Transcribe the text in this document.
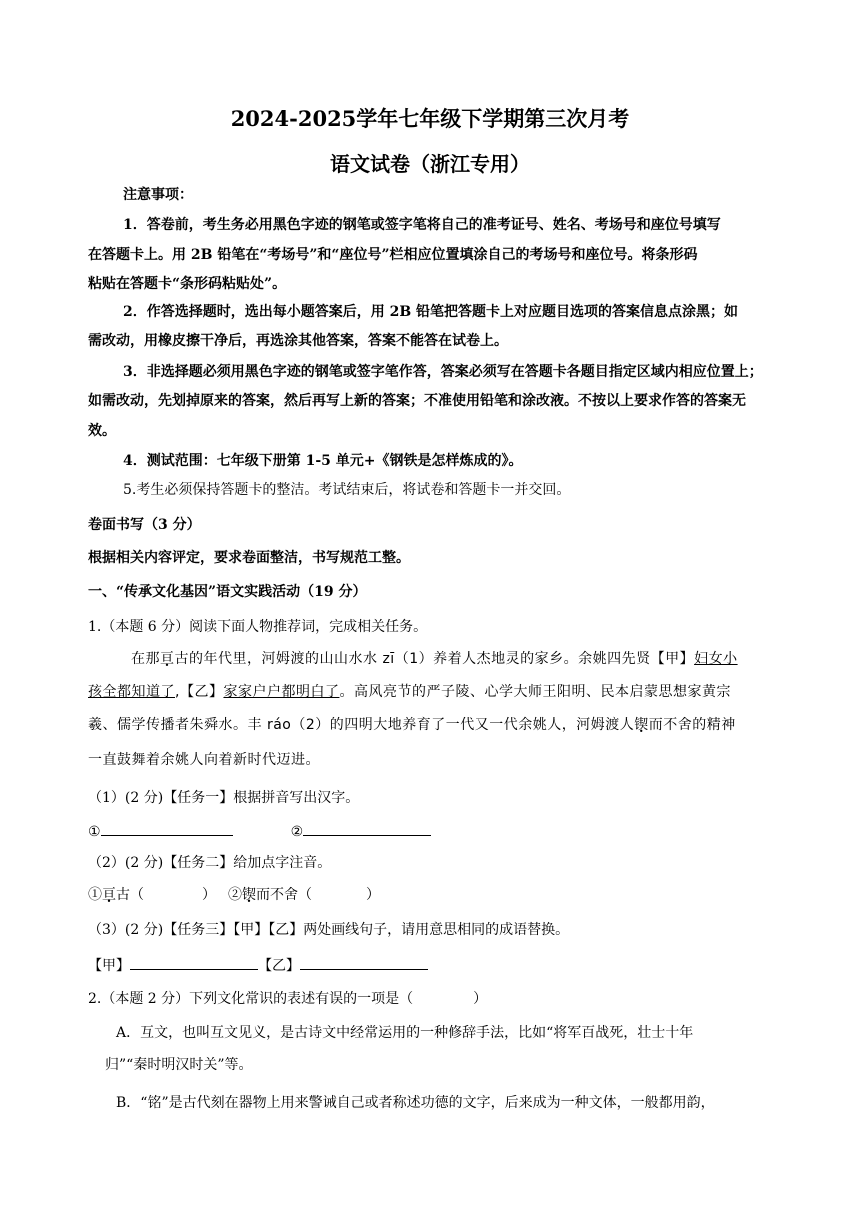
2024-2025学年七年级下学期第三次月考
语文试卷（浙江专用）
注意事项：
1．答卷前，考生务必用黑色字迹的钢笔或签字笔将自己的准考证号、姓名、考场号和座位号填写
在答题卡上。用 2B 铅笔在“考场号”和“座位号”栏相应位置填涂自己的考场号和座位号。将条形码
粘贴在答题卡“条形码粘贴处”。
2．作答选择题时，选出每小题答案后，用 2B 铅笔把答题卡上对应题目选项的答案信息点涂黑；如
需改动，用橡皮擦干净后，再选涂其他答案，答案不能答在试卷上。
3．非选择题必须用黑色字迹的钢笔或签字笔作答，答案必须写在答题卡各题目指定区域内相应位置上；
如需改动，先划掉原来的答案，然后再写上新的答案；不准使用铅笔和涂改液。不按以上要求作答的答案无
效。
4．测试范围：七年级下册第 1-5 单元+《钢铁是怎样炼成的》。
5.考生必须保持答题卡的整洁。考试结束后，将试卷和答题卡一并交回。
卷面书写（3 分）
根据相关内容评定，要求卷面整洁，书写规范工整。
一、“传承文化基因”语文实践活动（19 分）
1.（本题 6 分）阅读下面人物推荐词，完成相关任务。
在那亘古的年代里，河姆渡的山山水水 zī（1）养着人杰地灵的家乡。余姚四先贤【甲】妇女小
孩全都知道了,【乙】家家户户都明白了。高风亮节的严子陵、心学大师王阳明、民本启蒙思想家黄宗
羲、儒学传播者朱舜水。丰 ráo（2）的四明大地养育了一代又一代余姚人，河姆渡人锲而不舍的精神
一直鼓舞着余姚人向着新时代迈进。
（1）(2 分)【任务一】根据拼音写出汉字。
①	②
（2）(2 分)【任务二】给加点字注音。
①亘古（	） ②锲而不舍（	）
（3）(2 分)【任务三】【甲】【乙】两处画线句子，请用意思相同的成语替换。
【甲】	【乙】
2.（本题 2 分）下列文化常识的表述有误的一项是（	）
A．互文，也叫互文见义，是古诗文中经常运用的一种修辞手法，比如“将军百战死，壮士十年
归”“秦时明汉时关”等。
B．“铭”是古代刻在器物上用来警诫自己或者称述功德的文字，后来成为一种文体，一般都用韵，
